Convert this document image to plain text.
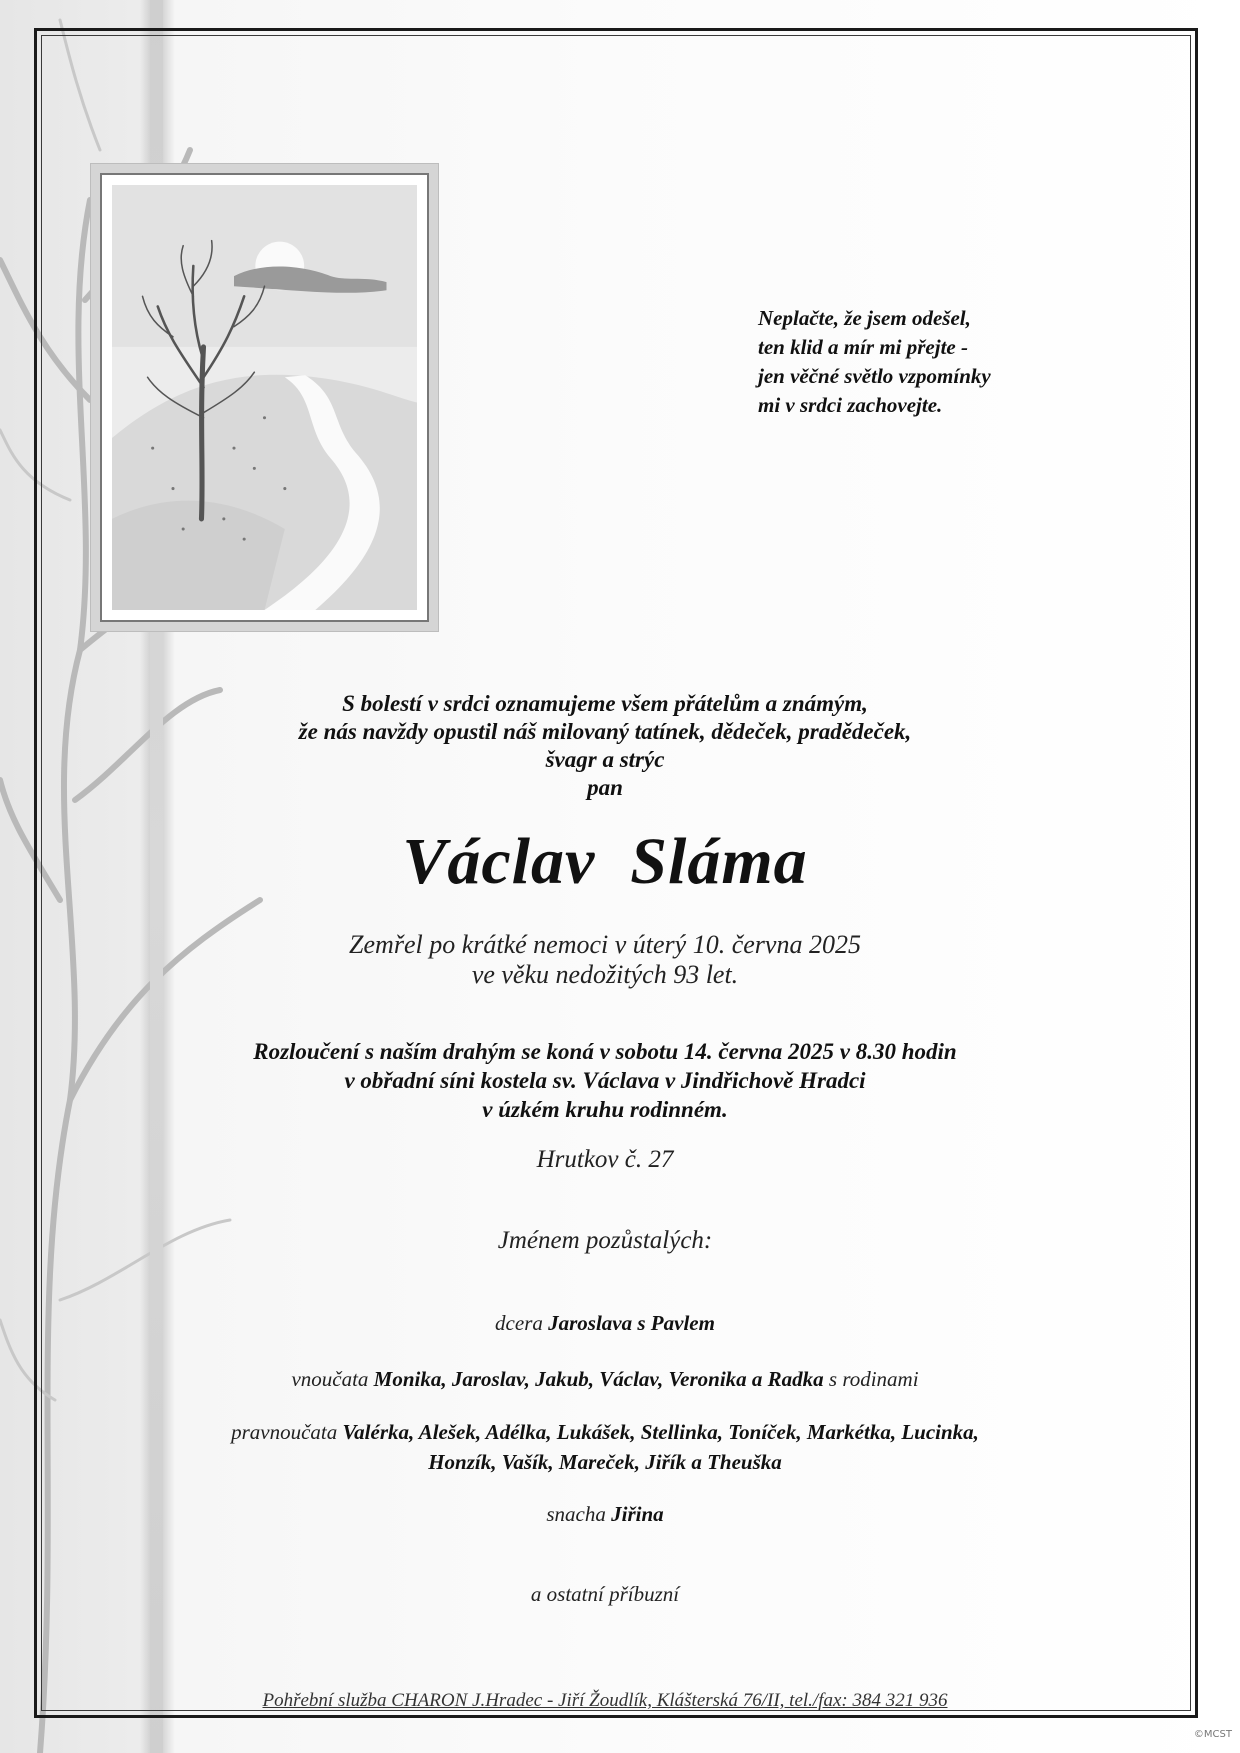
Neplačte, že jsem odešel,
ten klid a mír mi přejte -
jen věčné světlo vzpomínky
mi v srdci zachovejte.
S bolestí v srdci oznamujeme všem přátelům a známým,
že nás navždy opustil náš milovaný tatínek, dědeček, pradědeček,
švagr a strýc
pan
Václav  Sláma
Zemřel po krátké nemoci v úterý 10. června 2025
ve věku nedožitých 93 let.
Rozloučení s naším drahým se koná v sobotu 14. června 2025 v 8.30 hodin
v obřadní síni kostela sv. Václava v Jindřichově Hradci
v úzkém kruhu rodinném.
Hrutkov č. 27
Jménem pozůstalých:
dcera Jaroslava s Pavlem
vnoučata Monika, Jaroslav, Jakub, Václav, Veronika a Radka s rodinami
pravnoučata Valérka, Alešek, Adélka, Lukášek, Stellinka, Toníček, Markétka, Lucinka,
Honzík, Vašík, Mareček, Jiřík a Theuška
snacha Jiřina
a ostatní příbuzní
Pohřební služba CHARON J.Hradec - Jiří Žoudlík, Klášterská 76/II, tel./fax: 384 321 936
©MCST
